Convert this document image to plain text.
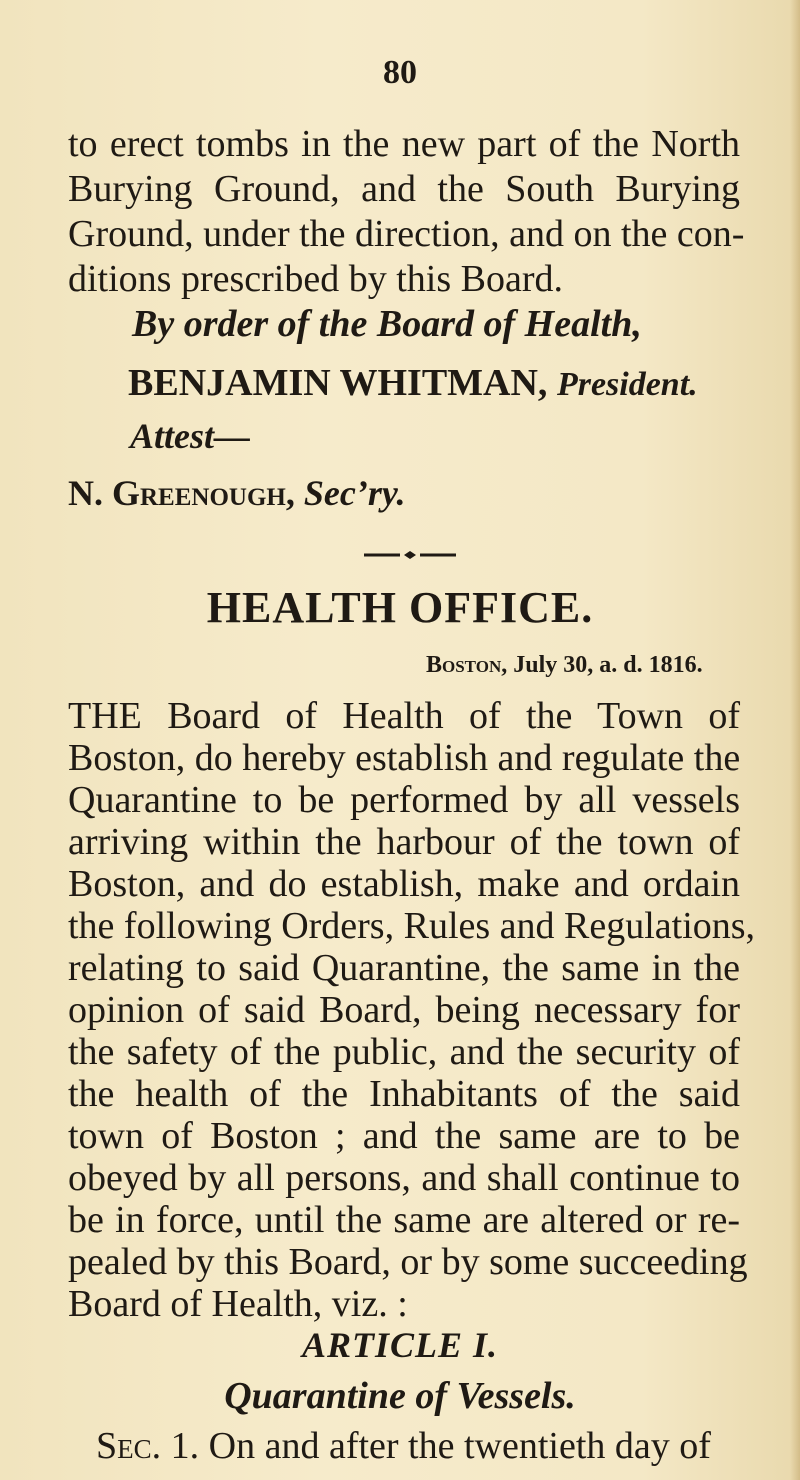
80
to erect tombs in the new part of the North
Burying Ground, and the South Burying
Ground, under the direction, and on the con-
ditions prescribed by this Board.
By order of the Board of Health,
BENJAMIN WHITMAN, President.
Attest—
N. Greenough, Sec’ry.
HEALTH OFFICE.
Boston, July 30, a. d. 1816.
THE Board of Health of the Town of
Boston, do hereby establish and regulate the
Quarantine to be performed by all vessels
arriving within the harbour of the town of
Boston, and do establish, make and ordain
the following Orders, Rules and Regulations,
relating to said Quarantine, the same in the
opinion of said Board, being necessary for
the safety of the public, and the security of
the health of the Inhabitants of the said
town of Boston ; and the same are to be
obeyed by all persons, and shall continue to
be in force, until the same are altered or re-
pealed by this Board, or by some succeeding
Board of Health, viz. :
ARTICLE I.
Quarantine of Vessels.
Sec. 1. On and after the twentieth day of
